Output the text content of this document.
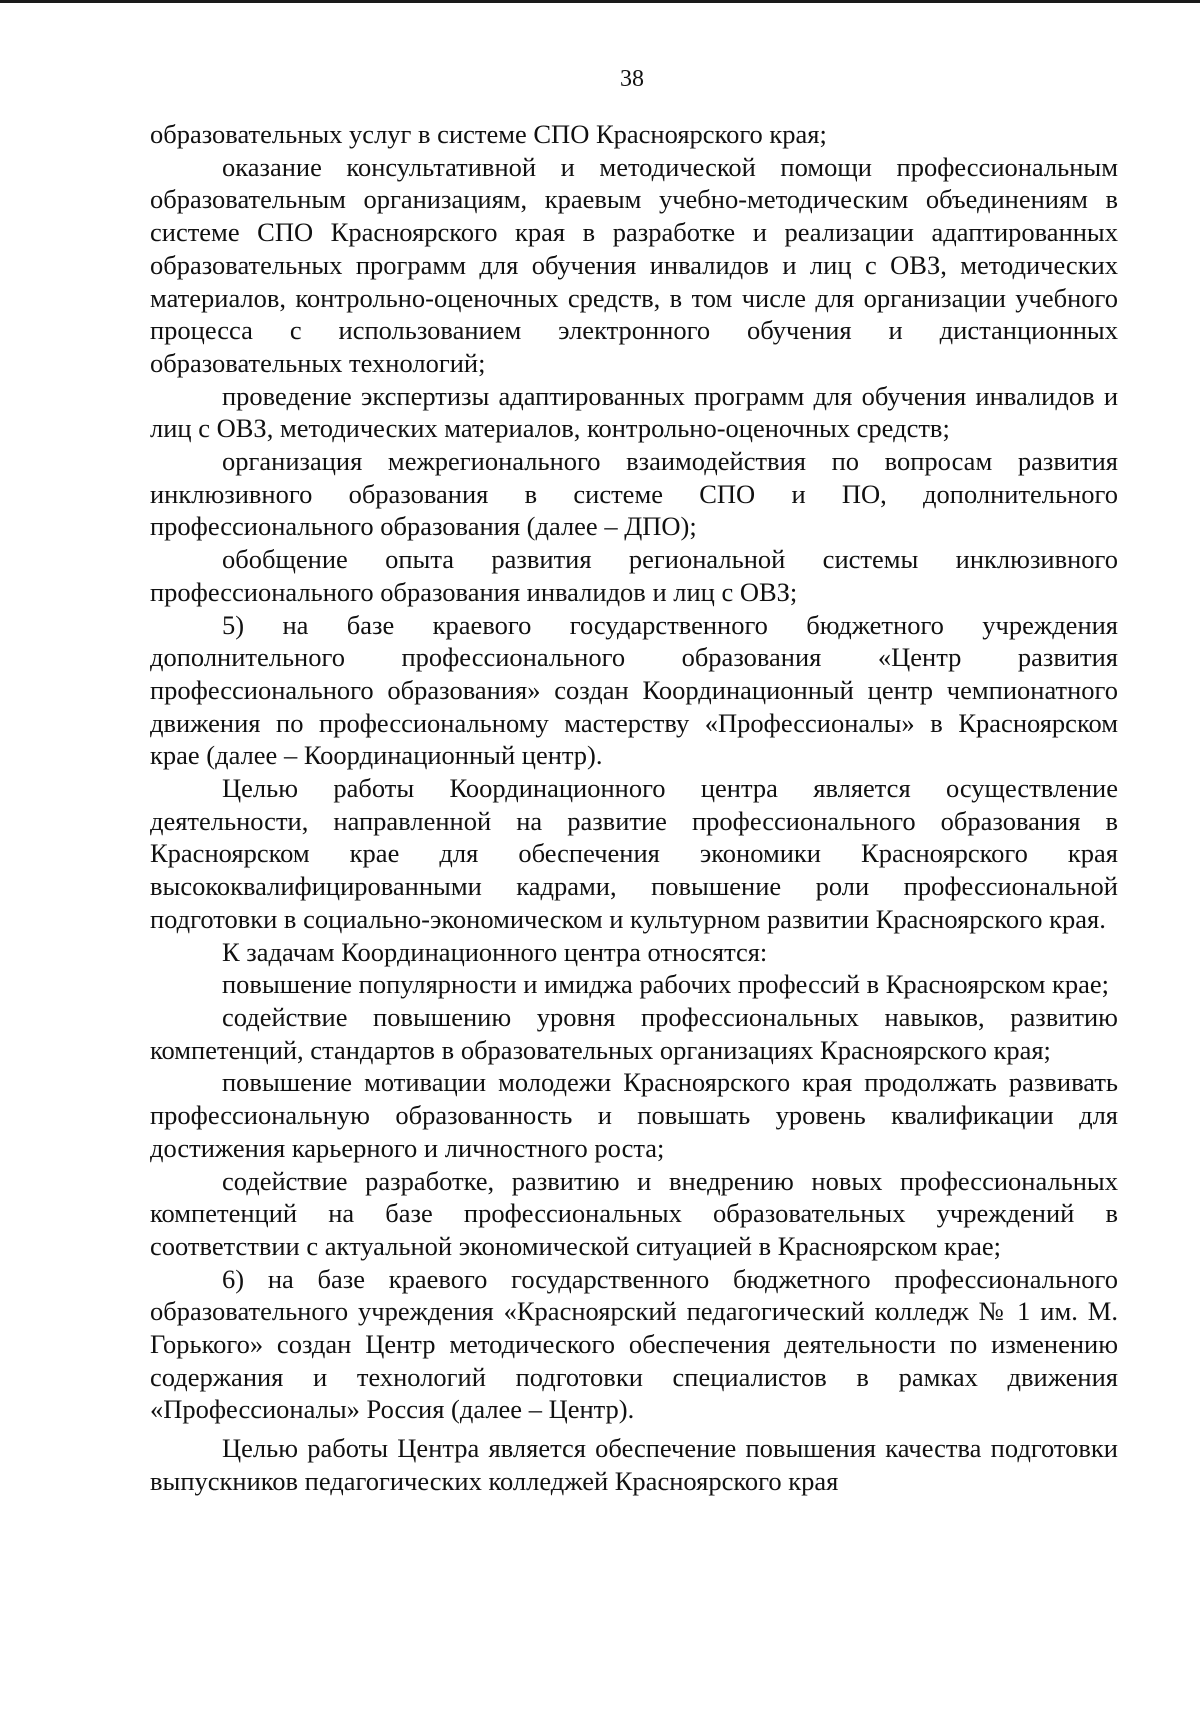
38

образовательных услуг в системе СПО Красноярского края;

оказание консультативной и методической помощи профессиональным образовательным организациям, краевым учебно-методическим объединениям в системе СПО Красноярского края в разработке и реализации адаптированных образовательных программ для обучения инвалидов и лиц с ОВЗ, методических материалов, контрольно-оценочных средств, в том числе для организации учебного процесса с использованием электронного обучения и дистанционных образовательных технологий;

проведение экспертизы адаптированных программ для обучения инвалидов и лиц с ОВЗ, методических материалов, контрольно-оценочных средств;

организация межрегионального взаимодействия по вопросам развития инклюзивного образования в системе СПО и ПО, дополнительного профессионального образования (далее – ДПО);

обобщение опыта развития региональной системы инклюзивного профессионального образования инвалидов и лиц с ОВЗ;

5) на базе краевого государственного бюджетного учреждения дополнительного профессионального образования «Центр развития профессионального образования» создан Координационный центр чемпионатного движения по профессиональному мастерству «Профессионалы» в Красноярском крае (далее – Координационный центр).

Целью работы Координационного центра является осуществление деятельности, направленной на развитие профессионального образования в Красноярском крае для обеспечения экономики Красноярского края высококвалифицированными кадрами, повышение роли профессиональной подготовки в социально-экономическом и культурном развитии Красноярского края.

К задачам Координационного центра относятся:

повышение популярности и имиджа рабочих профессий в Красноярском крае;

содействие повышению уровня профессиональных навыков, развитию компетенций, стандартов в образовательных организациях Красноярского края;

повышение мотивации молодежи Красноярского края продолжать развивать профессиональную образованность и повышать уровень квалификации для достижения карьерного и личностного роста;

содействие разработке, развитию и внедрению новых профессиональных компетенций на базе профессиональных образовательных учреждений в соответствии с актуальной экономической ситуацией в Красноярском крае;

6) на базе краевого государственного бюджетного профессионального образовательного учреждения «Красноярский педагогический колледж № 1 им. М. Горького» создан Центр методического обеспечения деятельности по изменению содержания и технологий подготовки специалистов в рамках движения «Профессионалы» Россия (далее – Центр).

Целью работы Центра является обеспечение повышения качества подготовки выпускников педагогических колледжей Красноярского края
